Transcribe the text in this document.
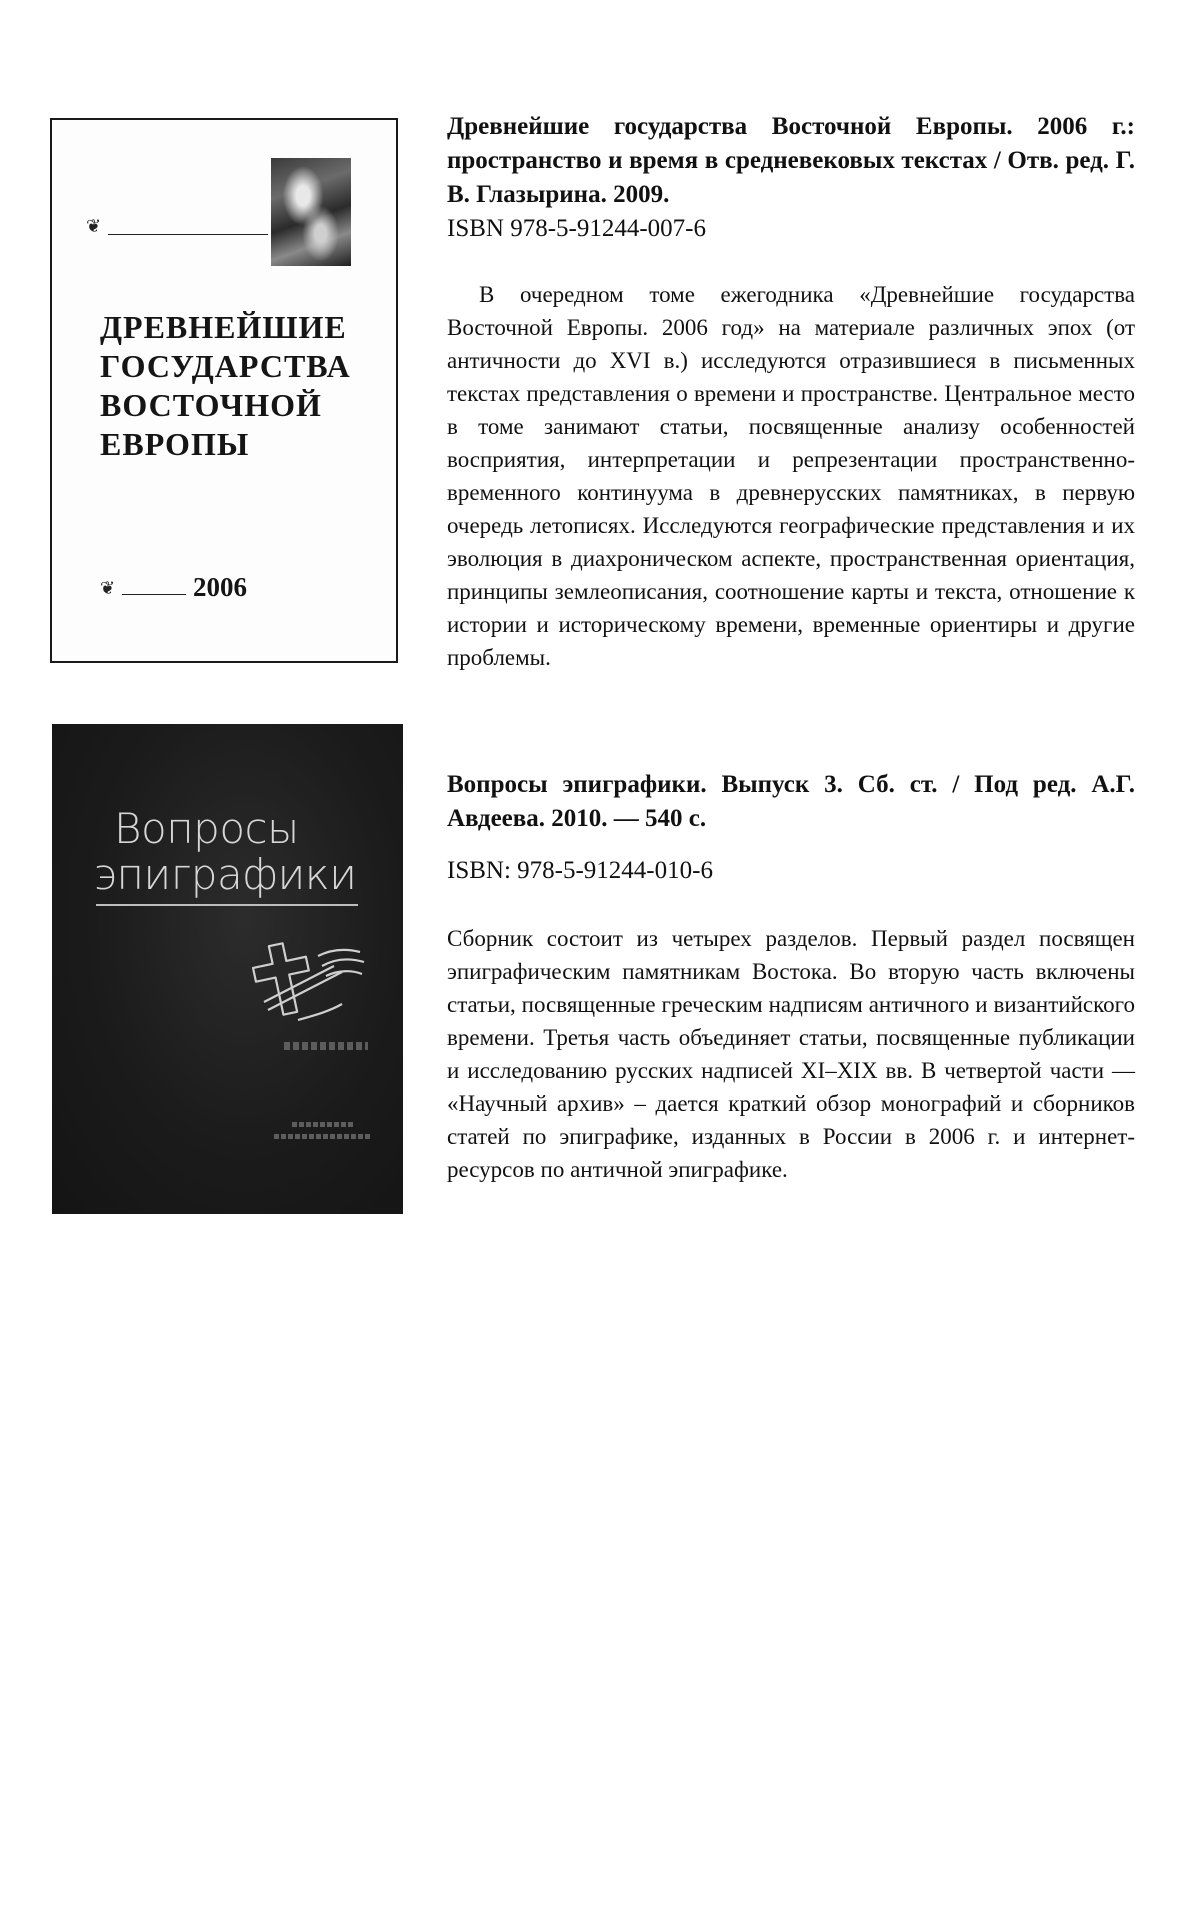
❦
ДРЕВНЕЙШИЕ
ГОСУДАРСТВА
ВОСТОЧНОЙ
ЕВРОПЫ
❦	2006

Древнейшие государства Восточной Европы. 2006 г.: пространство и время в средневековых текстах / Отв. ред. Г. В. Глазырина. 2009.

ISBN 978-5-91244-007-6

В очередном томе ежегодника «Древнейшие государства Восточной Европы. 2006 год» на материале различных эпох (от античности до XVI в.) исследуются отразившиеся в письменных текстах представления о времени и пространстве. Центральное место в томе занимают статьи, посвященные анализу особенностей восприятия, интерпретации и репрезентации пространственно-временного континуума в древнерусских памятниках, в первую очередь летописях. Исследуются географические представления и их эволюция в диахроническом аспекте, пространственная ориентация, принципы землеописания, соотношение карты и текста, отношение к истории и историческому времени, временные ориентиры и другие проблемы.

Вопросы
эпиграфики

Вопросы эпиграфики. Выпуск 3. Сб. ст. / Под ред. А.Г. Авдеева. 2010. — 540 с.

ISBN: 978-5-91244-010-6

Сборник состоит из четырех разделов. Первый раздел посвящен эпиграфическим памятникам Востока. Во вторую часть включены статьи, посвященные греческим надписям античного и византийского времени. Третья часть объединяет статьи, посвященные публикации и исследованию русских надписей XI–XIX вв. В четвертой части — «Научный архив» – дается краткий обзор монографий и сборников статей по эпиграфике, изданных в России в 2006 г. и интернет-ресурсов по античной эпиграфике.
